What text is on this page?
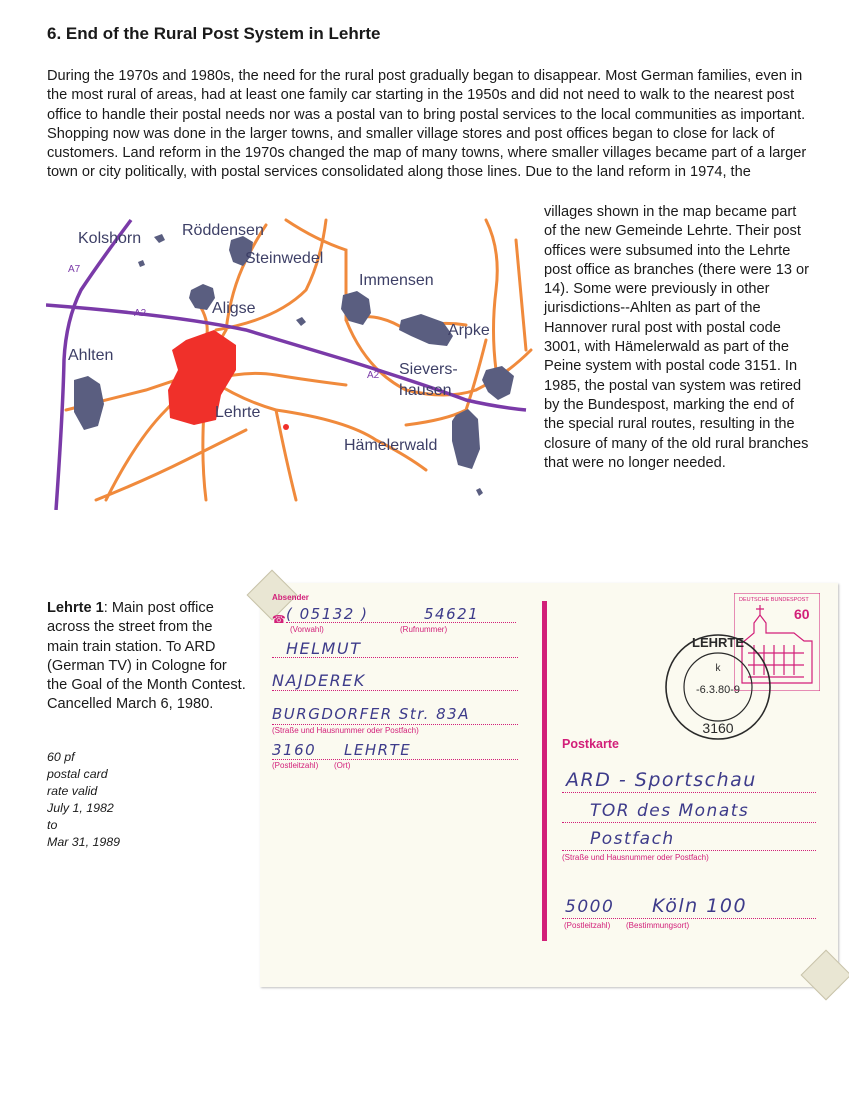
6. End of the Rural Post System in Lehrte
During the 1970s and 1980s, the need for the rural post gradually began to disappear. Most German families, even in the most rural of areas, had at least one family car starting in the 1950s and did not need to walk to the nearest post office to handle their postal needs nor was a postal van to bring postal services to the local communities as important. Shopping now was done in the larger towns, and smaller village stores and post offices began to close for lack of customers. Land reform in the 1970s changed the map of many towns, where smaller villages became part of a larger town or city politically, with postal services consolidated along those lines. Due to the land reform in 1974, the
Kolshorn	Röddensen
Steinwedel
Immensen
Aligse
Arpke
Ahlten
Sievers-
hausen
Lehrte
Hämelerwald
A7
A2
A2
villages shown in the map became part of the new Gemeinde Lehrte. Their post offices were subsumed into the Lehrte post office as branches (there were 13 or 14). Some were previously in other jurisdictions--Ahlten as part of the Hannover rural post with postal code 3001, with Hämelerwald as part of the Peine system with postal code 3151. In 1985, the postal van system was retired by the Bundespost, marking the end of the special rural routes, resulting in the closure of many of the old rural branches that were no longer needed.
Lehrte 1: Main post office across the street from the main train station. To ARD (German TV) in Cologne for the Goal of the Month Contest. Cancelled March 6, 1980.
60 pf
postal card
rate valid
July 1, 1982
to
Mar 31, 1989
Absender
☎ ( 05132 )	54621
(Vorwahl)	(Rufnummer)
HELMUT
NAJDEREK
BURGDORFER Str. 83A
(Straße und Hausnummer oder Postfach)
3160 LEHRTE
(Postleitzahl) (Ort)
DEUTSCHE BUNDESPOST
60
LEHRTE
k
-6.3.80-9
3160
Postkarte
ARD - Sportschau
TOR des Monats
Postfach
(Straße und Hausnummer oder Postfach)
5000 Köln 100
(Postleitzahl) (Bestimmungsort)
